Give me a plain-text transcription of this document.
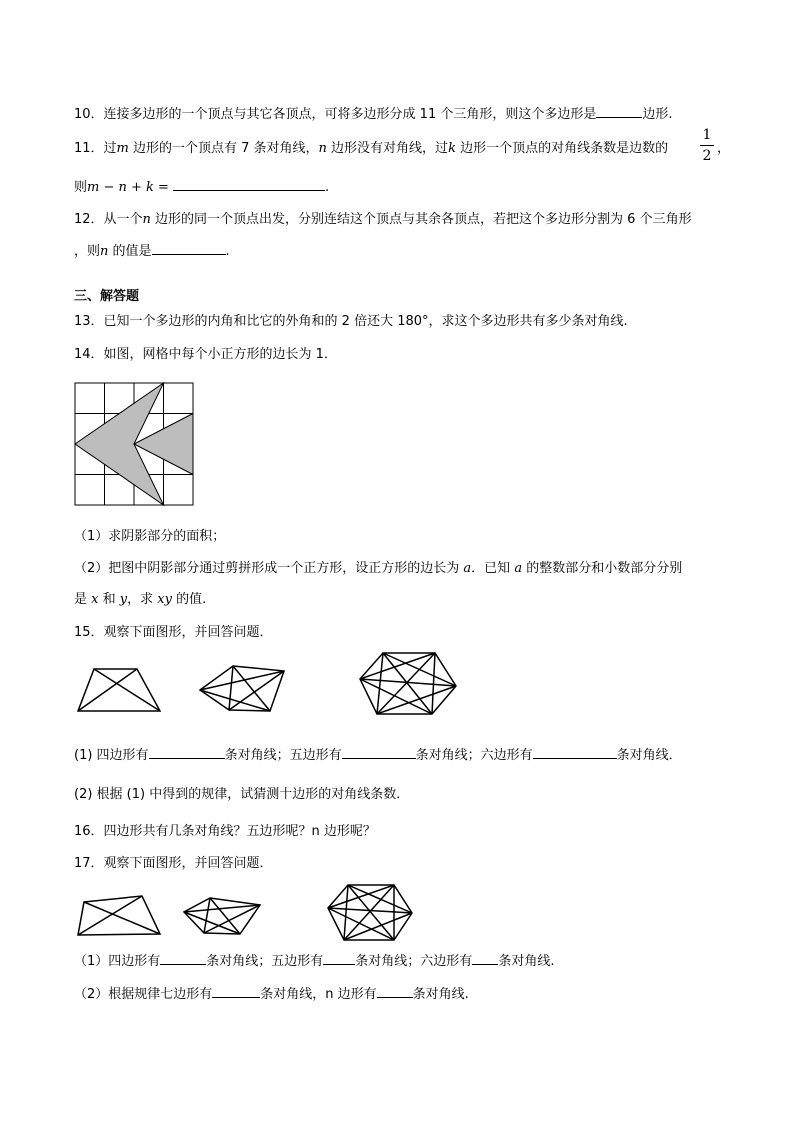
10．连接多边形的一个顶点与其它各顶点，可将多边形分成 11 个三角形，则这个多边形是	边形.
11．过m 边形的一个顶点有 7 条对角线，n 边形没有对角线，过k 边形一个顶点的对角线条数是边数的
1
2 ，
则m − n + k =	.
12．从一个n 边形的同一个顶点出发，分别连结这个顶点与其余各顶点，若把这个多边形分割为 6 个三角形
，则n 的值是	.
三、解答题
13．已知一个多边形的内角和比它的外角和的 2 倍还大 180°，求这个多边形共有多少条对角线.
14．如图，网格中每个小正方形的边长为 1．
（1）求阴影部分的面积；
（2）把图中阴影部分通过剪拼形成一个正方形，设正方形的边长为 a．已知 a 的整数部分和小数部分分别
是 x 和 y，求 xy 的值.
15．观察下面图形，并回答问题．
(1) 四边形有	条对角线；五边形有	条对角线；六边形有	条对角线．
(2) 根据 (1) 中得到的规律，试猜测十边形的对角线条数．
16．四边形共有几条对角线？五边形呢？n 边形呢？
17．观察下面图形，并回答问题．
（1）四边形有	条对角线；五边形有 条对角线；六边形有 条对角线.
（2）根据规律七边形有	条对角线，n 边形有	条对角线.
